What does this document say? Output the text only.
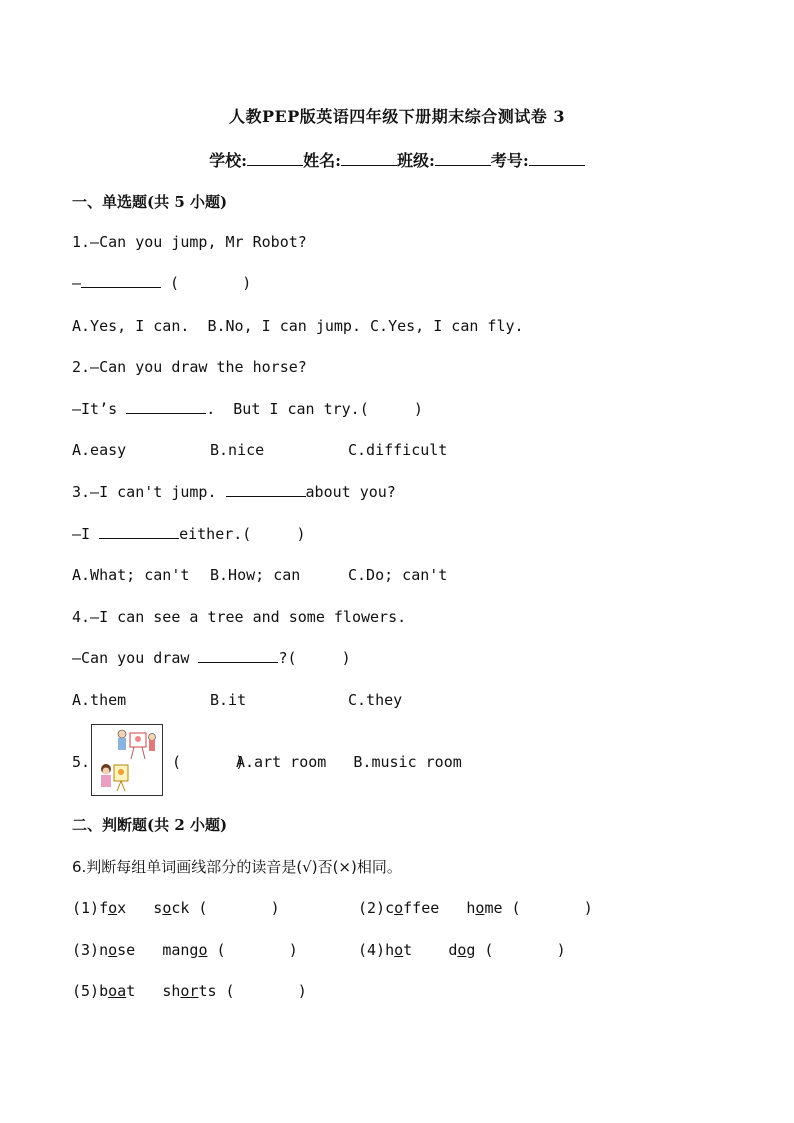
人教PEP版英语四年级下册期末综合测试卷 3
学校:	姓名:	班级:	考号:
一、单选题(共 5 小题)
1.—Can you jump, Mr Robot?
—	(       )
A.Yes, I can.  B.No, I can jump. C.Yes, I can fly.
2.—Can you draw the horse?
—It’s	.  But I can try.(     )
A.easy	B.nice	C.difficult
3.—I can't jump.	about you?
—I	either.(     )
A.What; can't B.How; can	C.Do; can't
4.—I can see a tree and some flowers.
—Can you draw	?(     )
A.them	B.it	C.they
5.	(      )
A.art room   B.music room
二、判断题(共 2 小题)
6.判断每组单词画线部分的读音是(√)否(×)相同。
(1)fox sock (       )	(2)coffee home (       )
(3)nose mango (       )	(4)hot dog (       )
(5)boat shorts (       )
